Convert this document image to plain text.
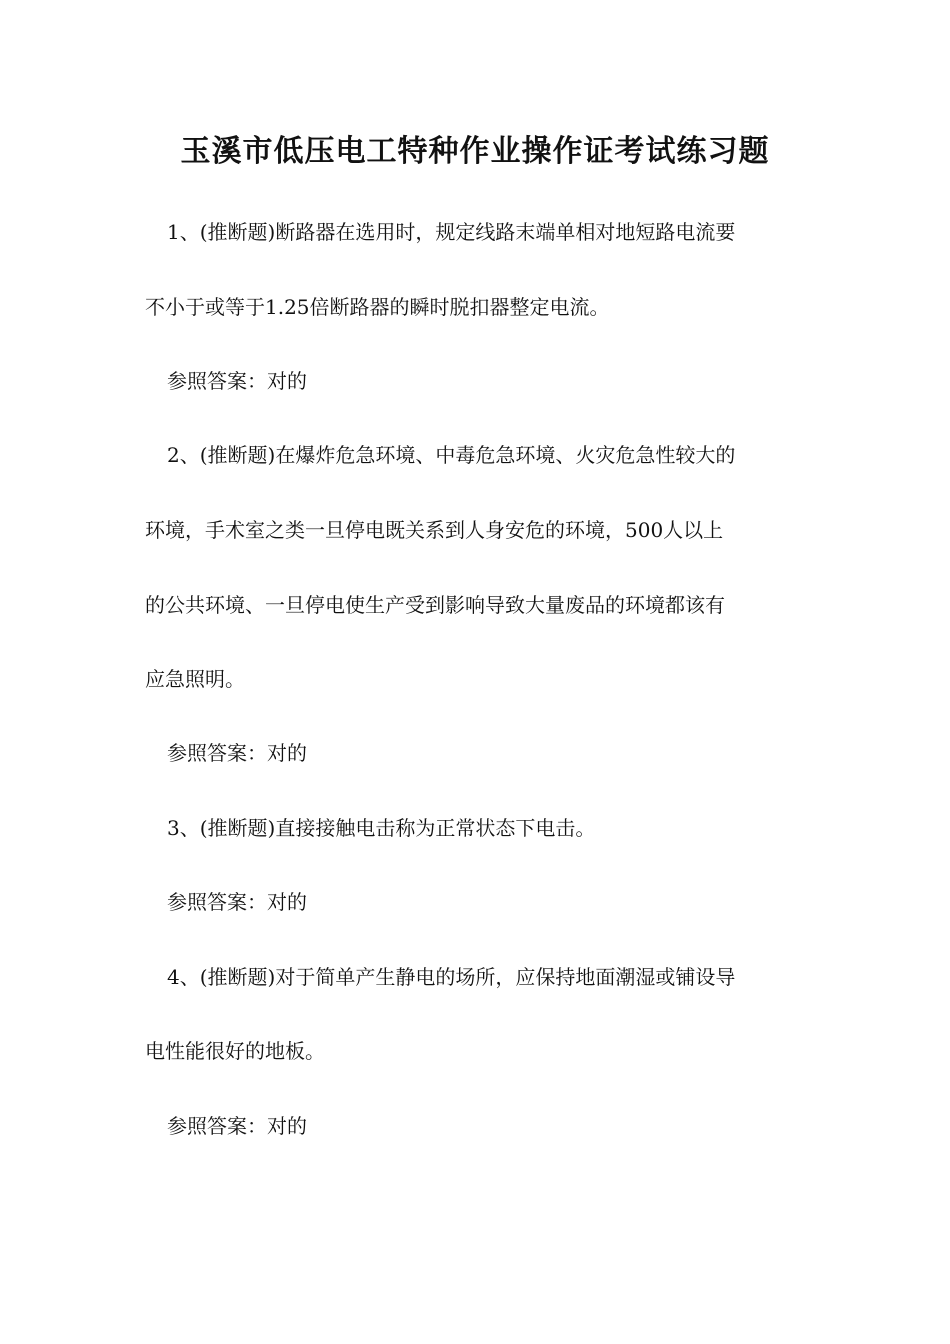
玉溪市低压电工特种作业操作证考试练习题

1、(推断题)断路器在选用时，规定线路末端单相对地短路电流要

不小于或等于1.25倍断路器的瞬时脱扣器整定电流。

参照答案：对的

2、(推断题)在爆炸危急环境、中毒危急环境、火灾危急性较大的

环境，手术室之类一旦停电既关系到人身安危的环境，500人以上

的公共环境、一旦停电使生产受到影响导致大量废品的环境都该有

应急照明。

参照答案：对的

3、(推断题)直接接触电击称为正常状态下电击。

参照答案：对的

4、(推断题)对于简单产生静电的场所，应保持地面潮湿或铺设导

电性能很好的地板。

参照答案：对的
